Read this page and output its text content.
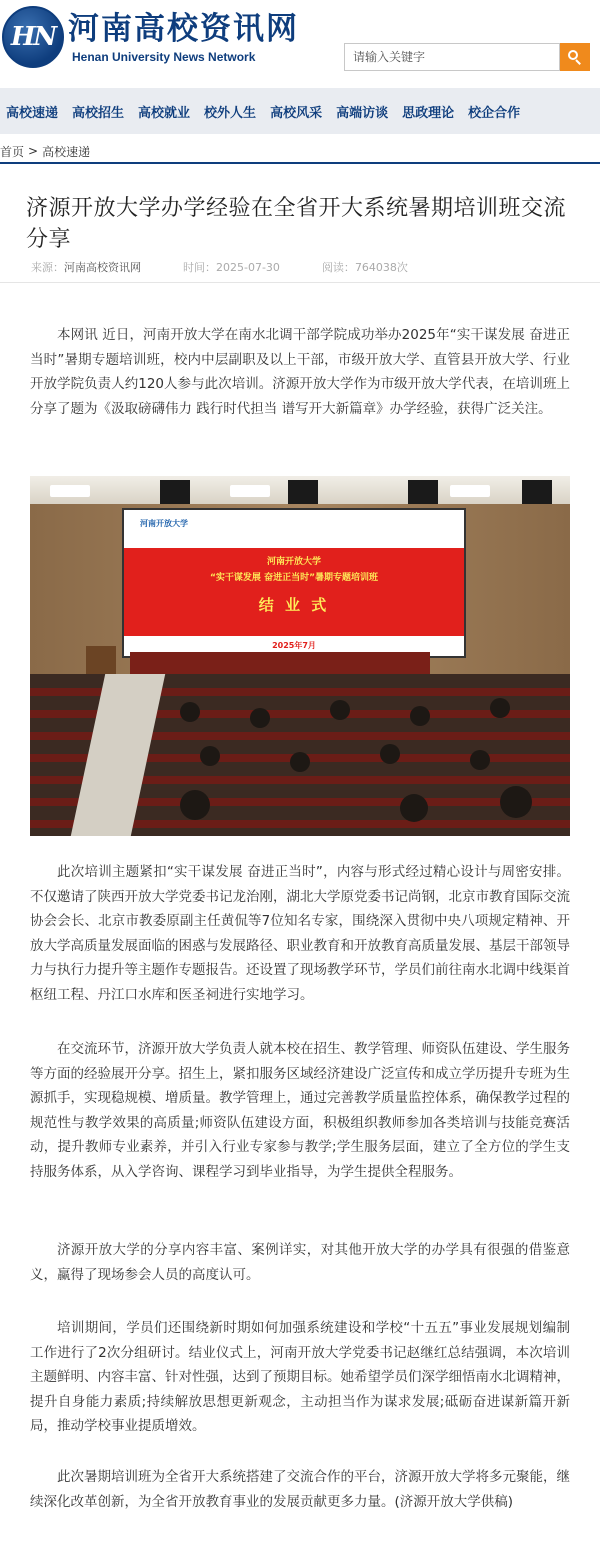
HN 河南高校资讯网
Henan University News Network
请输入关键字
高校速递 高校招生 高校就业 校外人生 高校风采 高端访谈 思政理论 校企合作
首页 > 高校速递
济源开放大学办学经验在全省开大系统暑期培训班交流分享
来源：河南高校资讯网	时间：2025-07-30	阅读：764038次

本网讯 近日，河南开放大学在南水北调干部学院成功举办2025年“实干谋发展 奋进正当时”暑期专题培训班，校内中层副职及以上干部，市级开放大学、直管县开放大学、行业开放学院负责人约120人参与此次培训。济源开放大学作为市级开放大学代表，在培训班上分享了题为《汲取磅礴伟力 践行时代担当 谱写开大新篇章》办学经验，获得广泛关注。

河南开放大学
河南开放大学
“实干谋发展 奋进正当时”暑期专题培训班
结 业 式
2025年7月

此次培训主题紧扣“实干谋发展 奋进正当时”，内容与形式经过精心设计与周密安排。不仅邀请了陕西开放大学党委书记龙治刚，湖北大学原党委书记尚钢，北京市教育国际交流协会会长、北京市教委原副主任黄侃等7位知名专家，围绕深入贯彻中央八项规定精神、开放大学高质量发展面临的困惑与发展路径、职业教育和开放教育高质量发展、基层干部领导力与执行力提升等主题作专题报告。还设置了现场教学环节，学员们前往南水北调中线渠首枢纽工程、丹江口水库和医圣祠进行实地学习。

在交流环节，济源开放大学负责人就本校在招生、教学管理、师资队伍建设、学生服务等方面的经验展开分享。招生上，紧扣服务区域经济建设广泛宣传和成立学历提升专班为生源抓手，实现稳规模、增质量。教学管理上，通过完善教学质量监控体系，确保教学过程的规范性与教学效果的高质量;师资队伍建设方面，积极组织教师参加各类培训与技能竞赛活动，提升教师专业素养，并引入行业专家参与教学;学生服务层面，建立了全方位的学生支持服务体系，从入学咨询、课程学习到毕业指导，为学生提供全程服务。

济源开放大学的分享内容丰富、案例详实，对其他开放大学的办学具有很强的借鉴意义，赢得了现场参会人员的高度认可。

培训期间，学员们还围绕新时期如何加强系统建设和学校“十五五”事业发展规划编制工作进行了2次分组研讨。结业仪式上，河南开放大学党委书记赵继红总结强调，本次培训主题鲜明、内容丰富、针对性强，达到了预期目标。她希望学员们深学细悟南水北调精神，提升自身能力素质;持续解放思想更新观念，主动担当作为谋求发展;砥砺奋进谋新篇开新局，推动学校事业提质增效。

此次暑期培训班为全省开大系统搭建了交流合作的平台，济源开放大学将多元聚能，继续深化改革创新，为全省开放教育事业的发展贡献更多力量。(济源开放大学供稿)
